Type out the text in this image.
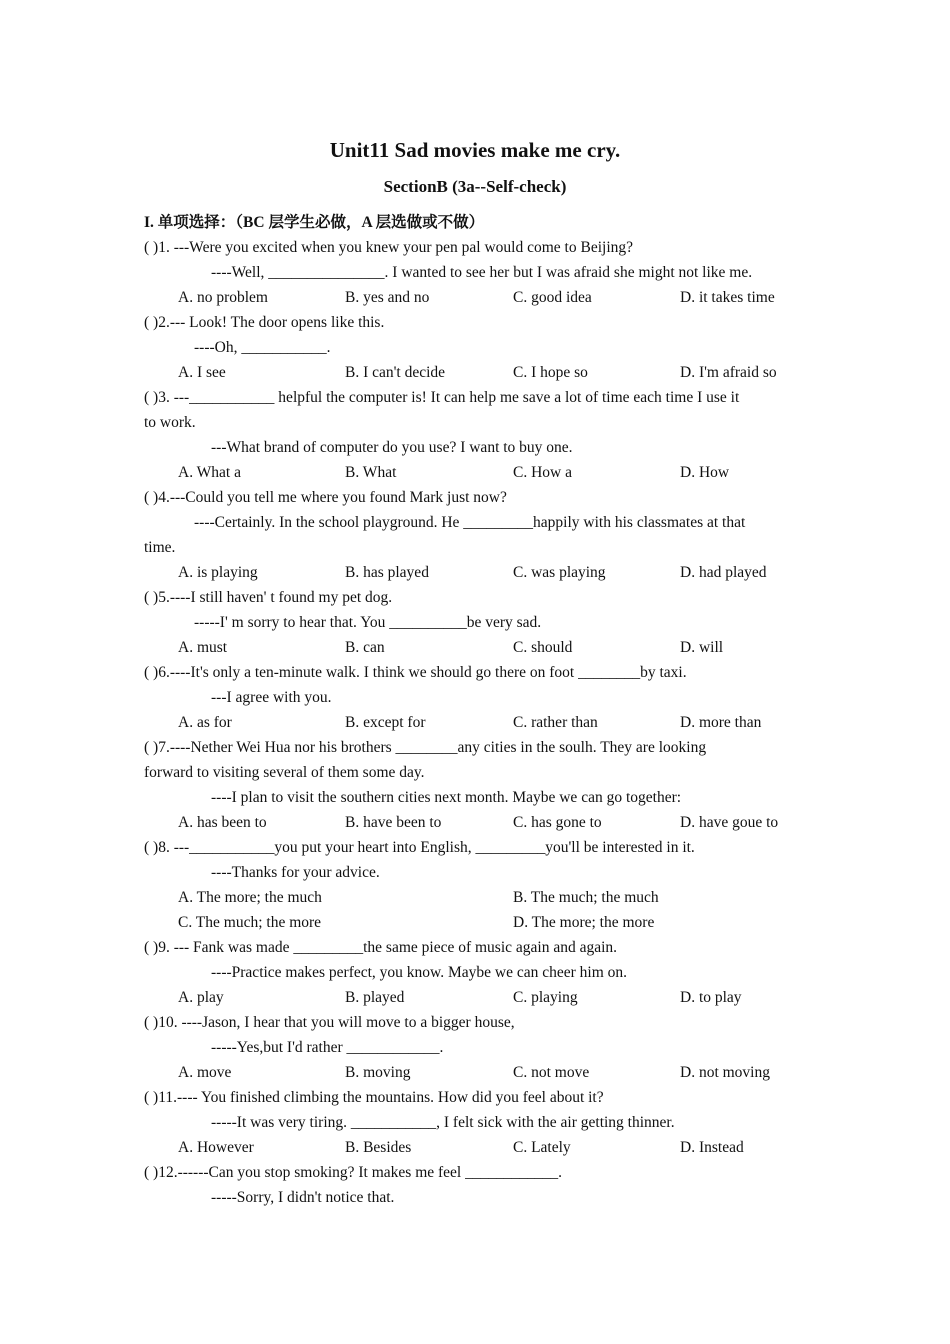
Unit11 Sad movies make me cry.
SectionB (3a--Self-check)
I. 单项选择：（BC 层学生必做，A 层选做或不做）
( )1. ---Were you excited when you knew your pen pal would come to Beijing?
----Well, _______________. I wanted to see her but I was afraid she might not like me.
A. no problem	B. yes and no	C. good idea	D. it takes time
( )2.--- Look! The door opens like this.
----Oh, ___________.
A. I see	B. I can't decide	C. I hope so	D. I'm afraid so
( )3. ---___________ helpful the computer is! It can help me save a lot of time each time I use it
to work.
---What brand of computer do you use? I want to buy one.
A. What a	B. What	C. How a	D. How
( )4.---Could you tell me where you found Mark just now?
----Certainly. In the school playground. He _________happily with his classmates at that
time.
A. is playing	B. has played	C. was playing	D. had played
( )5.----I still haven' t found my pet dog.
-----I' m sorry to hear that. You __________be very sad.
A. must	B. can	C. should	D. will
( )6.----It's only a ten-minute walk. I think we should go there on foot ________by taxi.
---I agree with you.
A. as for	B. except for	C. rather than	D. more than
( )7.----Nether Wei Hua nor his brothers ________any cities in the soulh. They are looking
forward to visiting several of them some day.
----I plan to visit the southern cities next month. Maybe we can go together:
A. has been to	B. have been to	C. has gone to	D. have goue to
( )8. ---___________you put your heart into English, _________you'll be interested in it.
----Thanks for your advice.
A. The more; the much	B. The much; the much
C. The much; the more	D. The more; the more
( )9. --- Fank was made _________the same piece of music again and again.
----Practice makes perfect, you know. Maybe we can cheer him on.
A. play	B. played	C. playing	D. to play
( )10. ----Jason, I hear that you will move to a bigger house,
-----Yes,but I'd rather ____________.
A. move	B. moving	C. not move	D. not moving
( )11.---- You finished climbing the mountains. How did you feel about it?
-----It was very tiring. ___________, I felt sick with the air getting thinner.
A. However	B. Besides	C. Lately	D. Instead
( )12.------Can you stop smoking? It makes me feel ____________.
-----Sorry, I didn't notice that.
